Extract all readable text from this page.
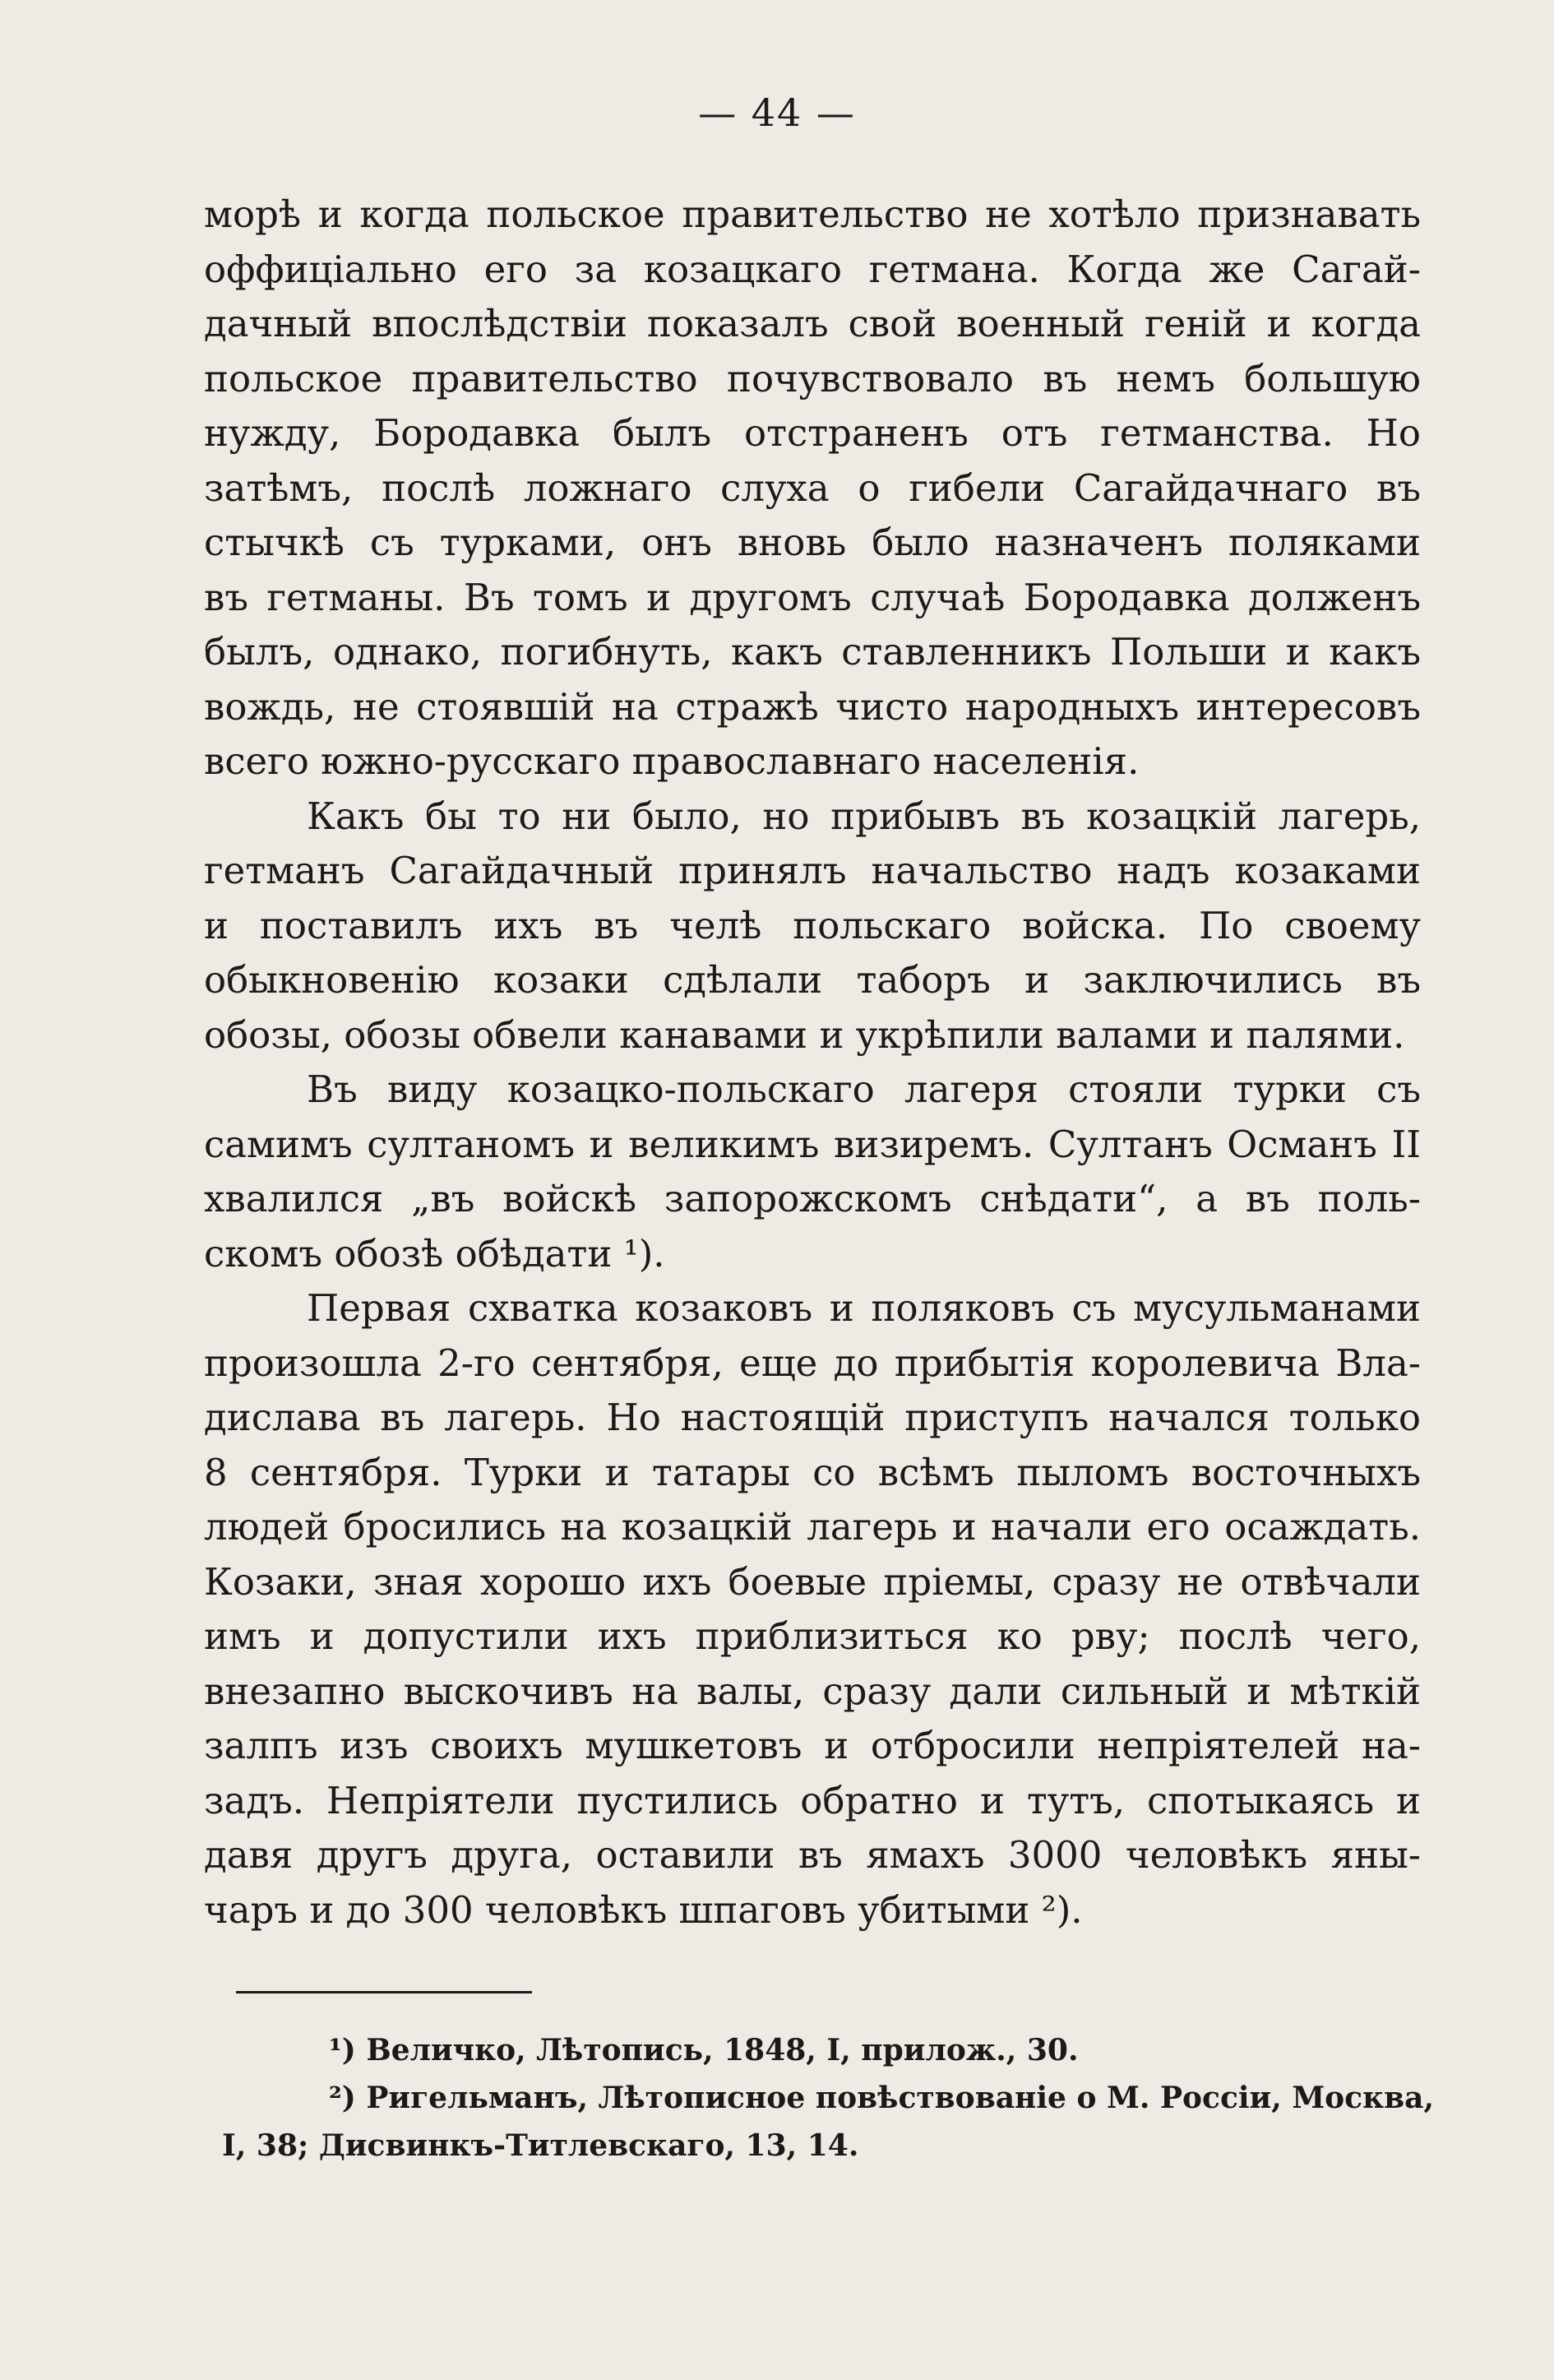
— 44 —
морѣ и когда польское правительство не хотѣло признавать
оффиціально его за козацкаго гетмана. Когда же Сагай-
дачный впослѣдствіи показалъ свой военный геній и когда
польское правительство почувствовало въ немъ большую
нужду, Бородавка былъ отстраненъ отъ гетманства. Но
затѣмъ, послѣ ложнаго слуха о гибели Сагайдачнаго въ
стычкѣ съ турками, онъ вновь было назначенъ поляками
въ гетманы. Въ томъ и другомъ случаѣ Бородавка долженъ
былъ, однако, погибнуть, какъ ставленникъ Польши и какъ
вождь, не стоявшій на стражѣ чисто народныхъ интересовъ
всего южно-русскаго православнаго населенія.
Какъ бы то ни было, но прибывъ въ козацкій лагерь,
гетманъ Сагайдачный принялъ начальство надъ козаками
и поставилъ ихъ въ челѣ польскаго войска. По своему
обыкновенію козаки сдѣлали таборъ и заключились въ
обозы, обозы обвели канавами и укрѣпили валами и палями.
Въ виду козацко-польскаго лагеря стояли турки съ
самимъ султаномъ и великимъ визиремъ. Султанъ Османъ II
хвалился „въ войскѣ запорожскомъ снѣдати“, а въ поль-
скомъ обозѣ обѣдати ¹).
Первая схватка козаковъ и поляковъ съ мусульманами
произошла 2-го сентября, еще до прибытія королевича Вла-
дислава въ лагерь. Но настоящій приступъ начался только
8 сентября. Турки и татары со всѣмъ пыломъ восточныхъ
людей бросились на козацкій лагерь и начали его осаждать.
Козаки, зная хорошо ихъ боевые пріемы, сразу не отвѣчали
имъ и допустили ихъ приблизиться ко рву; послѣ чего,
внезапно выскочивъ на валы, сразу дали сильный и мѣткій
залпъ изъ своихъ мушкетовъ и отбросили непріятелей на-
задъ. Непріятели пустились обратно и тутъ, спотыкаясь и
давя другъ друга, оставили въ ямахъ 3000 человѣкъ яны-
чаръ и до 300 человѣкъ шпаговъ убитыми ²).
¹) Величко, Лѣтопись, 1848, I, прилож., 30.
²) Ригельманъ, Лѣтописное повѣствованіе о М. Россіи, Москва,
I, 38; Дисвинкъ-Титлевскаго, 13, 14.
